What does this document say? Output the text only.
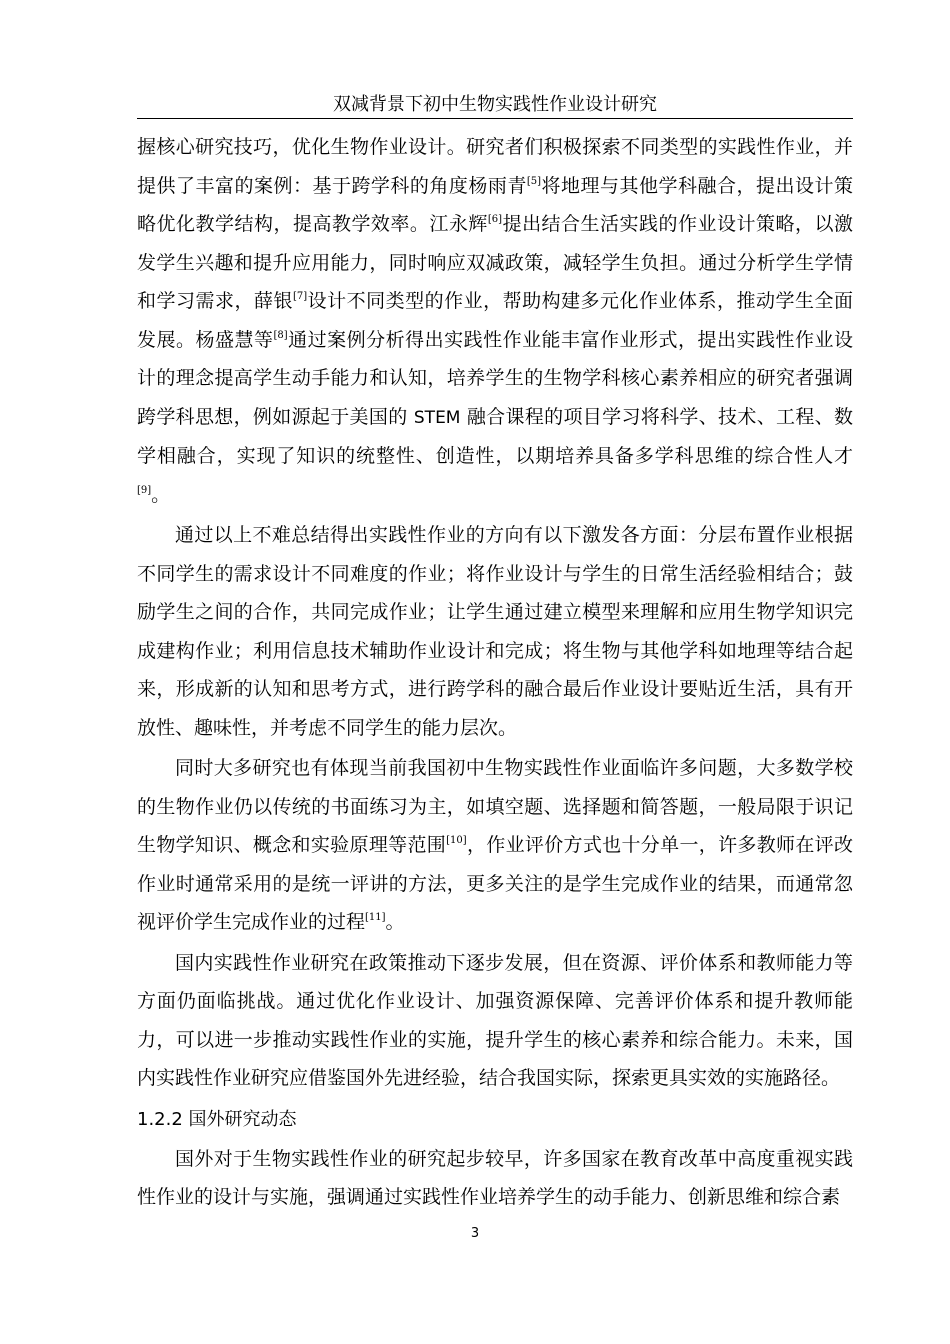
双减背景下初中生物实践性作业设计研究

握核心研究技巧，优化生物作业设计。研究者们积极探索不同类型的实践性作业，并提供了丰富的案例：基于跨学科的角度杨雨青[5]将地理与其他学科融合，提出设计策略优化教学结构，提高教学效率。江永辉[6]提出结合生活实践的作业设计策略，以激发学生兴趣和提升应用能力，同时响应双减政策，减轻学生负担。通过分析学生学情和学习需求，薛银[7]设计不同类型的作业，帮助构建多元化作业体系，推动学生全面发展。杨盛慧等[8]通过案例分析得出实践性作业能丰富作业形式，提出实践性作业设计的理念提高学生动手能力和认知，培养学生的生物学科核心素养相应的研究者强调跨学科思想，例如源起于美国的 STEM 融合课程的项目学习将科学、技术、工程、数学相融合，实现了知识的统整性、创造性，以期培养具备多学科思维的综合性人才[9]。

通过以上不难总结得出实践性作业的方向有以下激发各方面：分层布置作业根据不同学生的需求设计不同难度的作业；将作业设计与学生的日常生活经验相结合；鼓励学生之间的合作，共同完成作业；让学生通过建立模型来理解和应用生物学知识完成建构作业；利用信息技术辅助作业设计和完成；将生物与其他学科如地理等结合起来，形成新的认知和思考方式，进行跨学科的融合最后作业设计要贴近生活，具有开放性、趣味性，并考虑不同学生的能力层次。

同时大多研究也有体现当前我国初中生物实践性作业面临许多问题，大多数学校的生物作业仍以传统的书面练习为主，如填空题、选择题和简答题，一般局限于识记生物学知识、概念和实验原理等范围[10]，作业评价方式也十分单一，许多教师在评改作业时通常采用的是统一评讲的方法，更多关注的是学生完成作业的结果，而通常忽视评价学生完成作业的过程[11]。

国内实践性作业研究在政策推动下逐步发展，但在资源、评价体系和教师能力等方面仍面临挑战。通过优化作业设计、加强资源保障、完善评价体系和提升教师能力，可以进一步推动实践性作业的实施，提升学生的核心素养和综合能力。未来，国内实践性作业研究应借鉴国外先进经验，结合我国实际，探索更具实效的实施路径。

1.2.2 国外研究动态

国外对于生物实践性作业的研究起步较早，许多国家在教育改革中高度重视实践性作业的设计与实施，强调通过实践性作业培养学生的动手能力、创新思维和综合素

3
